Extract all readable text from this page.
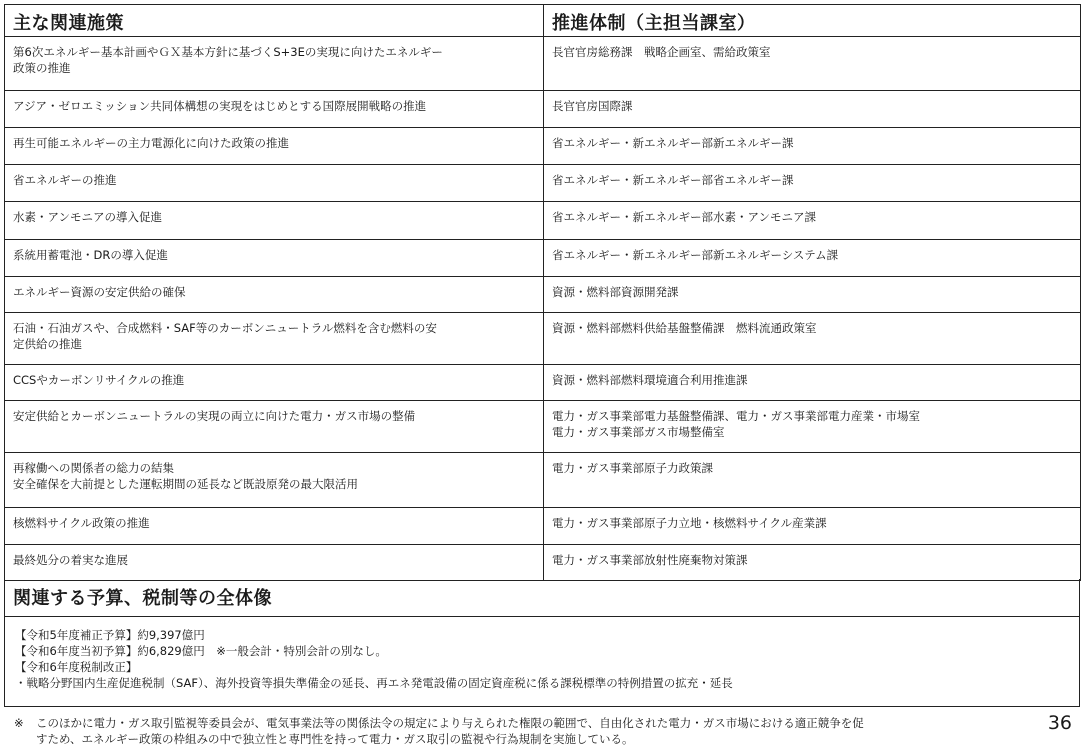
主な関連施策	推進体制（主担当課室）

第6次エネルギー基本計画やＧＸ基本方針に基づくS+3Eの実現に向けたエネルギー
政策の推進	長官官房総務課　戦略企画室、需給政策室

アジア・ゼロエミッション共同体構想の実現をはじめとする国際展開戦略の推進	長官官房国際課

再生可能エネルギーの主力電源化に向けた政策の推進	省エネルギー・新エネルギー部新エネルギー課

省エネルギーの推進	省エネルギー・新エネルギー部省エネルギー課

水素・アンモニアの導入促進	省エネルギー・新エネルギー部水素・アンモニア課

系統用蓄電池・DRの導入促進	省エネルギー・新エネルギー部新エネルギーシステム課

エネルギー資源の安定供給の確保	資源・燃料部資源開発課

石油・石油ガスや、合成燃料・SAF等のカーボンニュートラル燃料を含む燃料の安
定供給の推進	資源・燃料部燃料供給基盤整備課　燃料流通政策室

CCSやカーボンリサイクルの推進	資源・燃料部燃料環境適合利用推進課

安定供給とカーボンニュートラルの実現の両立に向けた電力・ガス市場の整備	電力・ガス事業部電力基盤整備課、電力・ガス事業部電力産業・市場室
電力・ガス事業部ガス市場整備室

再稼働への関係者の総力の結集
安全確保を大前提とした運転期間の延長など既設原発の最大限活用	電力・ガス事業部原子力政策課

核燃料サイクル政策の推進	電力・ガス事業部原子力立地・核燃料サイクル産業課

最終処分の着実な進展	電力・ガス事業部放射性廃棄物対策課
関連する予算、税制等の全体像
【令和5年度補正予算】約9,397億円
【令和6年度当初予算】約6,829億円　※一般会計・特別会計の別なし。
【令和6年度税制改正】
・戦略分野国内生産促進税制（SAF）、海外投資等損失準備金の延長、再エネ発電設備の固定資産税に係る課税標準の特例措置の拡充・延長
※ このほかに電力・ガス取引監視等委員会が、電気事業法等の関係法令の規定により与えられた権限の範囲で、自由化された電力・ガス市場における適正競争を促
すため、エネルギー政策の枠組みの中で独立性と専門性を持って電力・ガス取引の監視や行為規制を実施している。
36
